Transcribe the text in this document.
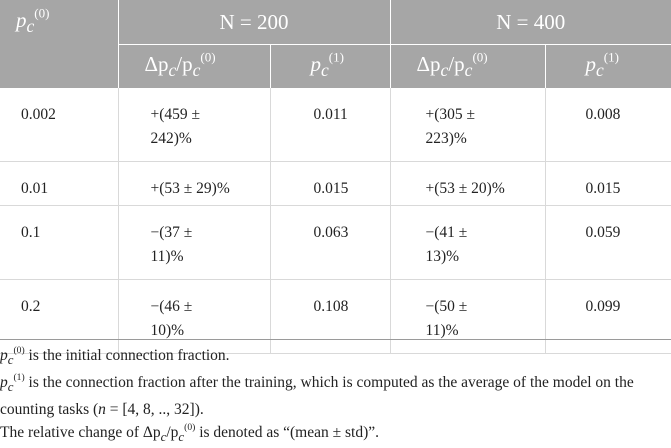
$p_c^{(0)}$	N = 200		N = 400	

	$\Delta p_c/p_c^{(0)}$	$p_c^{(1)}$	$\Delta p_c/p_c^{(0)}$	$p_c^{(1)}$

0.002	+(459 ±
242)%	0.011	+(305 ±
223)%	0.008

0.01	+(53 ± 29)%	0.015	+(53 ± 20)%	0.015

0.1	−(37 ±
11)%	0.063	−(41 ±
13)%	0.059

0.2	−(46 ±
10)%	0.108	−(50 ±
11)%	0.099

$p_c^{(0)}$ is the initial connection fraction.

$p_c^{(1)}$ is the connection fraction after the training, which is computed as the average of the model on the counting tasks (n = [4, 8, .., 32]).

The relative change of $\Delta p_c/p_c^{(0)}$ is denoted as “(mean ± std)”.
